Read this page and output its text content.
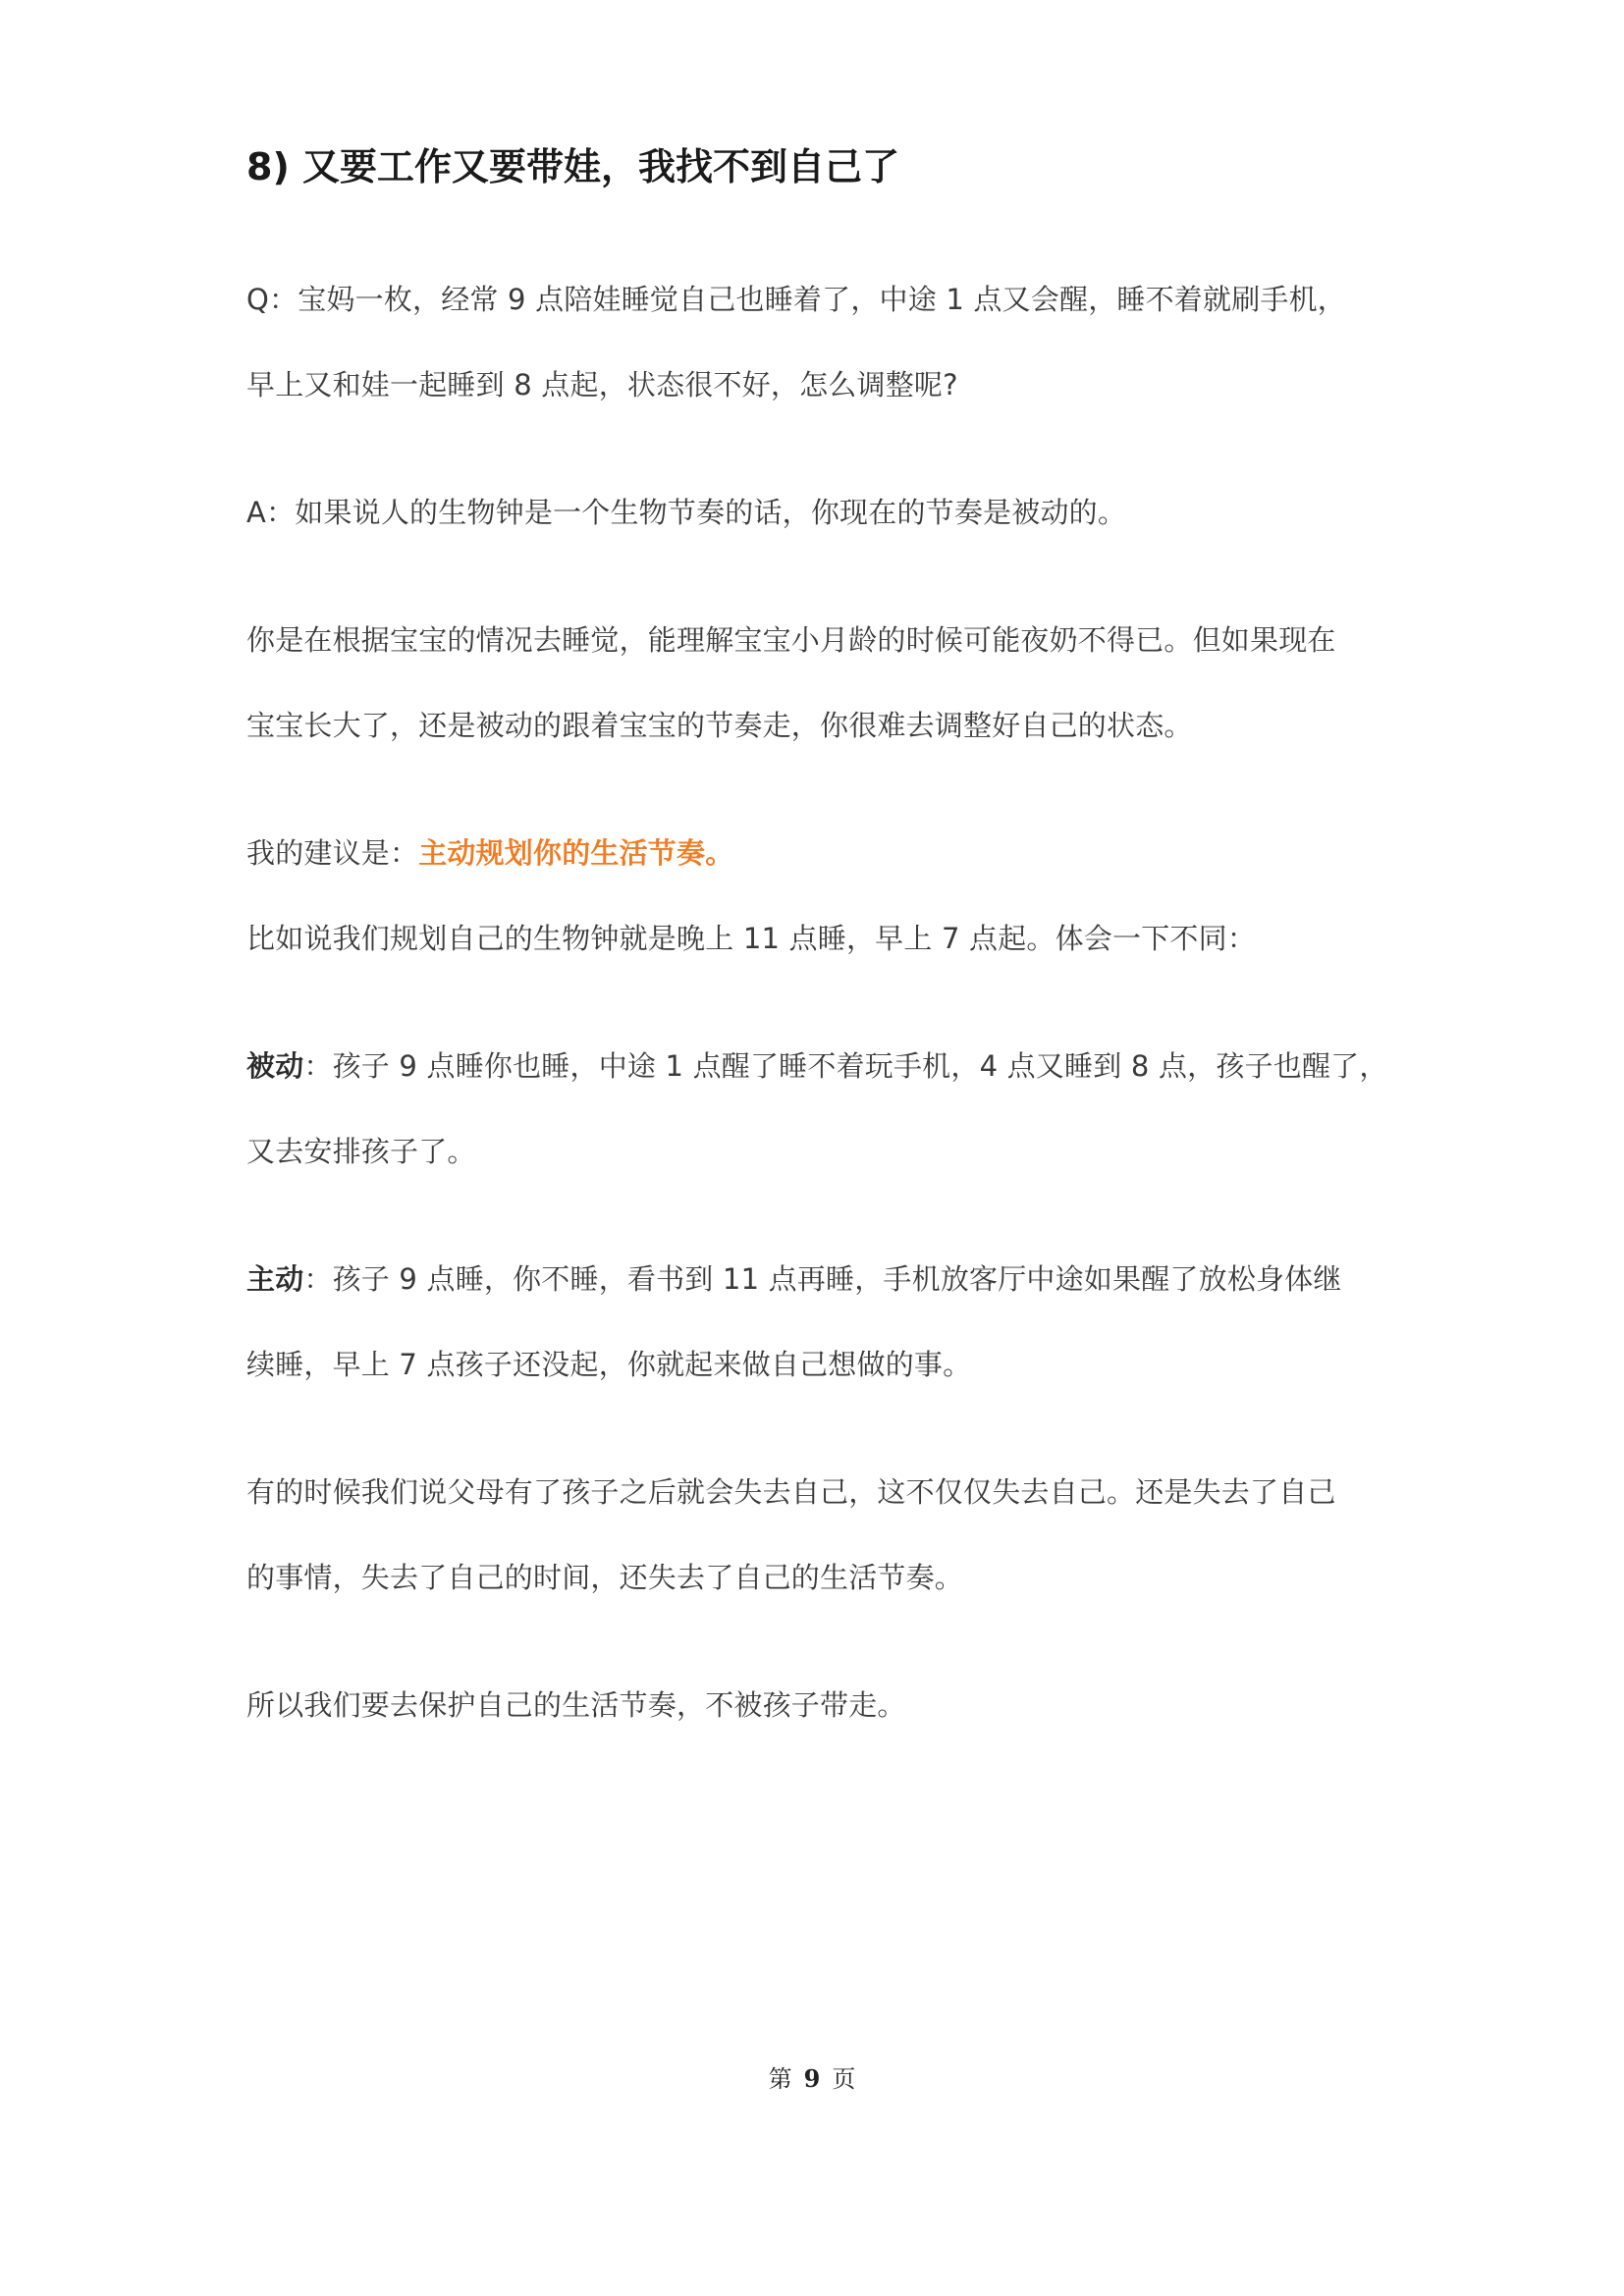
8) 又要工作又要带娃，我找不到自己了

Q：宝妈一枚，经常 9 点陪娃睡觉自己也睡着了，中途 1 点又会醒，睡不着就刷手机，

早上又和娃一起睡到 8 点起，状态很不好，怎么调整呢?

A：如果说人的生物钟是一个生物节奏的话，你现在的节奏是被动的。

你是在根据宝宝的情况去睡觉，能理解宝宝小月龄的时候可能夜奶不得已。但如果现在

宝宝长大了，还是被动的跟着宝宝的节奏走，你很难去调整好自己的状态。

我的建议是：主动规划你的生活节奏。

比如说我们规划自己的生物钟就是晚上 11 点睡，早上 7 点起。体会一下不同：

被动：孩子 9 点睡你也睡，中途 1 点醒了睡不着玩手机，4 点又睡到 8 点，孩子也醒了，

又去安排孩子了。

主动：孩子 9 点睡，你不睡，看书到 11 点再睡，手机放客厅中途如果醒了放松身体继

续睡，早上 7 点孩子还没起，你就起来做自己想做的事。

有的时候我们说父母有了孩子之后就会失去自己，这不仅仅失去自己。还是失去了自己

的事情，失去了自己的时间，还失去了自己的生活节奏。

所以我们要去保护自己的生活节奏，不被孩子带走。

第 9 页
